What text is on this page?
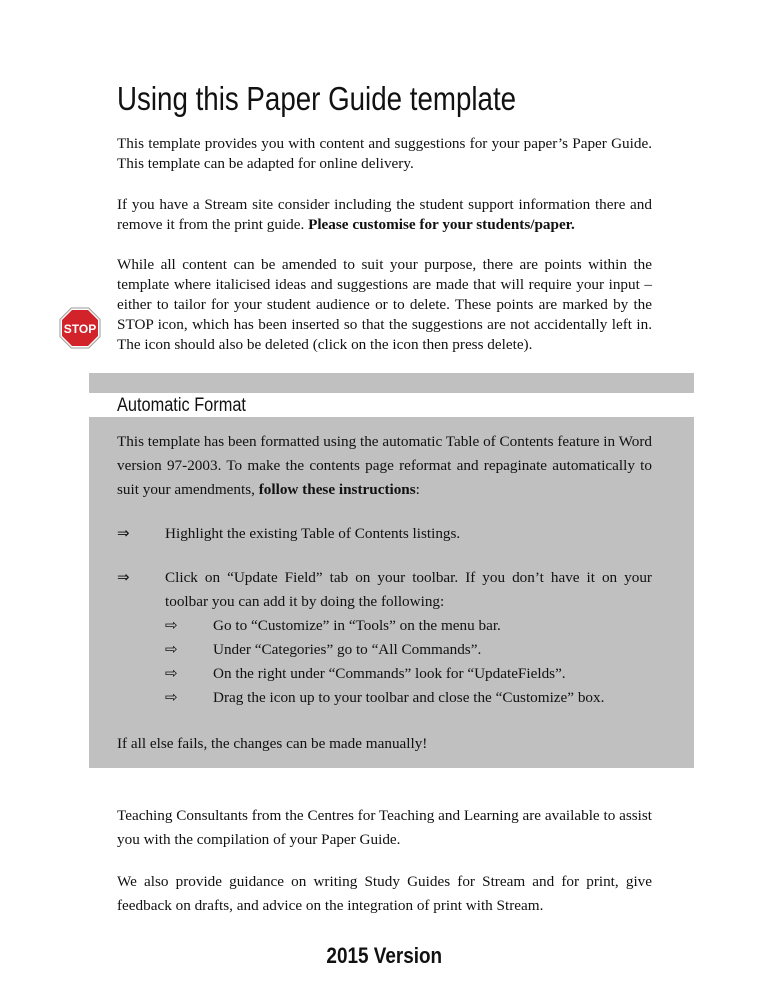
Using this Paper Guide template

This template provides you with content and suggestions for your paper’s Paper Guide. This template can be adapted for online delivery.

If you have a Stream site consider including the student support information there and remove it from the print guide. Please customise for your students/paper.

While all content can be amended to suit your purpose, there are points within the template where italicised ideas and suggestions are made that will require your input – either to tailor for your student audience or to delete. These points are marked by the STOP icon, which has been inserted so that the suggestions are not accidentally left in. The icon should also be deleted (click on the icon then press delete).

STOP
Automatic Format

This template has been formatted using the automatic Table of Contents feature in Word version 97-2003. To make the contents page reformat and repaginate automatically to suit your amendments, follow these instructions:

⇒ Highlight the existing Table of Contents listings.
⇒ Click on “Update Field” tab on your toolbar. If you don’t have it on your toolbar you can add it by doing the following:
⇨ Go to “Customize” in “Tools” on the menu bar.
⇨ Under “Categories” go to “All Commands”.
⇨ On the right under “Commands” look for “UpdateFields”.
⇨ Drag the icon up to your toolbar and close the “Customize” box.

If all else fails, the changes can be made manually!

Teaching Consultants from the Centres for Teaching and Learning are available to assist you with the compilation of your Paper Guide.

We also provide guidance on writing Study Guides for Stream and for print, give feedback on drafts, and advice on the integration of print with Stream.

2015 Version
